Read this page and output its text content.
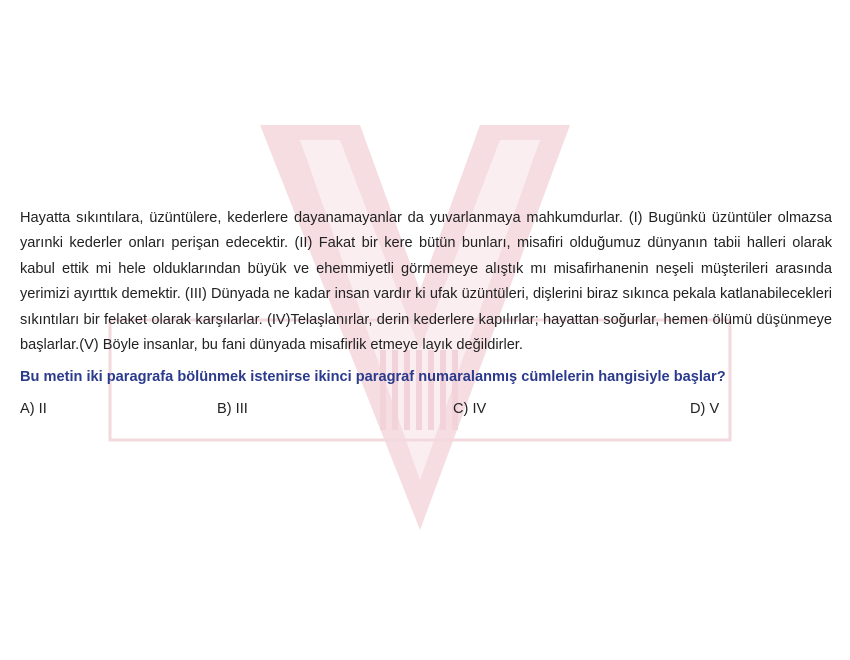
Hayatta sıkıntılara, üzüntülere, kederlere dayanamayanlar da yuvarlanmaya mahkumdurlar. (I) Bugünkü üzüntüler olmazsa yarınki kederler onları perişan edecektir. (II) Fakat bir kere bütün bunları, misafiri olduğumuz dünyanın tabii halleri olarak kabul ettik mi hele olduklarından büyük ve ehemmiyetli görmemeye alıştık mı misafirhanenin neşeli müşterileri arasında yerimizi ayırttık demektir. (III) Dünyada ne kadar insan vardır ki ufak üzüntüleri, dişlerini biraz sıkınca pekala katlanabilecekleri sıkıntıları bir felaket olarak karşılarlar. (IV)Telaşlanırlar, derin kederlere kapılırlar; hayattan soğurlar, hemen ölümü düşünmeye başlarlar.(V) Böyle insanlar, bu fani dünyada misafirlik etmeye layık değildirler.

Bu metin iki paragrafa bölünmek istenirse ikinci paragraf numaralanmış cümlelerin hangisiyle başlar?

A) II	B) III	C) IV	D) V
